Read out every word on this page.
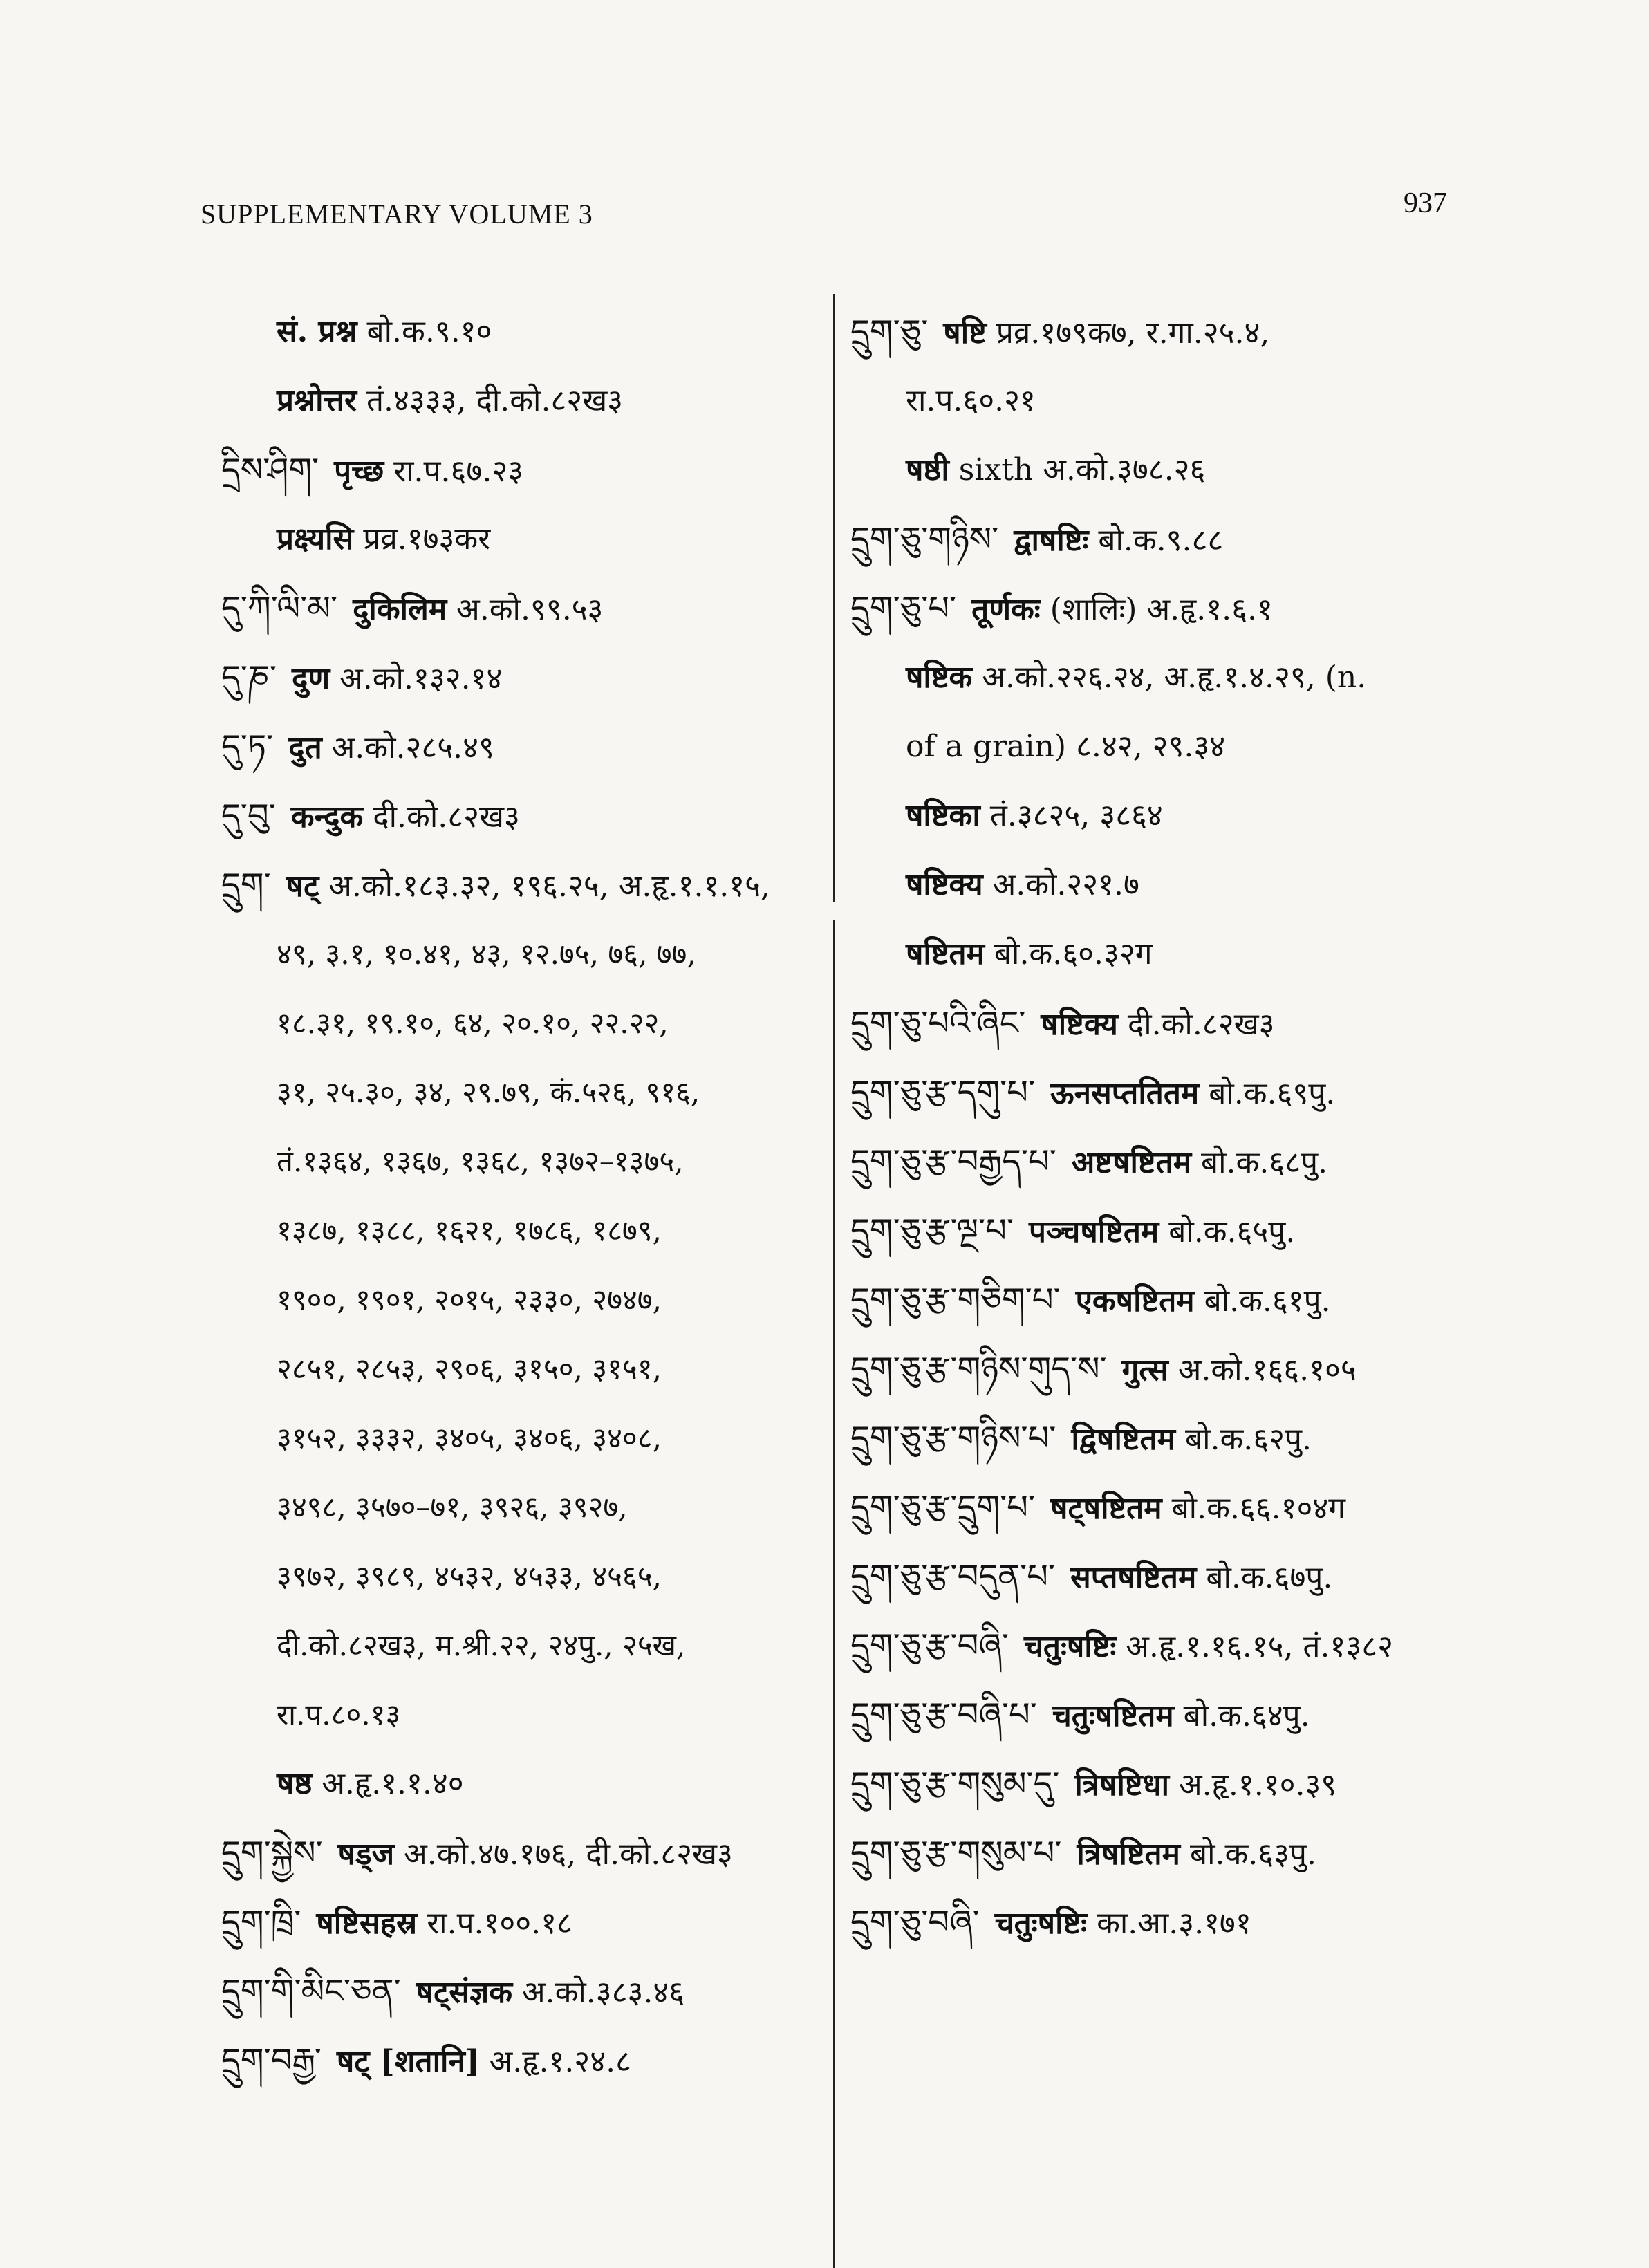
SUPPLEMENTARY VOLUME 3	937
सं. प्रश्न बो.क.९.१०
प्रश्नोत्तर तं.४३३३, दी.को.८२ख३
དྲིས་ཤིག་ पृच्छ रा.प.६७.२३
प्रक्ष्यसि प्रव्र.१७३कर
དུ་ཀི་ལི་མ་ दुकिलिम अ.को.९९.५३
དུ་ཎ་ दुण अ.को.१३२.१४
དུ་ཏ་ दुत अ.को.२८५.४९
དུ་བུ་ कन्दुक दी.को.८२ख३
དྲུག་ षट् अ.को.१८३.३२, १९६.२५, अ.हृ.१.१.१५,
४९, ३.१, १०.४१, ४३, १२.७५, ७६, ७७,
१८.३१, १९.१०, ६४, २०.१०, २२.२२,
३१, २५.३०, ३४, २९.७९, कं.५२६, ९१६,
तं.१३६४, १३६७, १३६८, १३७२–१३७५,
१३८७, १३८८, १६२१, १७८६, १८७९,
१९००, १९०१, २०१५, २३३०, २७४७,
२८५१, २८५३, २९०६, ३१५०, ३१५१,
३१५२, ३३३२, ३४०५, ३४०६, ३४०८,
३४९८, ३५७०–७१, ३९२६, ३९२७,
३९७२, ३९८९, ४५३२, ४५३३, ४५६५,
दी.को.८२ख३, म.श्री.२२, २४पु., २५ख,
रा.प.८०.१३
षष्ठ अ.हृ.१.१.४०
དྲུག་སྐྱེས་ षड्ज अ.को.४७.१७६, दी.को.८२ख३
དྲུག་ཁྲི་ षष्टिसहस्र रा.प.१००.१८
དྲུག་གི་མིང་ཅན་ षट्संज्ञक अ.को.३८३.४६
དྲུག་བརྒྱ་ षट् [शतानि] अ.हृ.१.२४.८
དྲུག་ཅུ་ षष्टि प्रव्र.१७९क७, र.गा.२५.४,
रा.प.६०.२१
षष्ठी sixth अ.को.३७८.२६
དྲུག་ཅུ་གཉིས་ द्वाषष्टिः बो.क.९.८८
དྲུག་ཅུ་པ་ तूर्णकः (शालिः) अ.हृ.१.६.१
षष्टिक अ.को.२२६.२४, अ.हृ.१.४.२९, (n.
of a grain) ८.४२, २९.३४
षष्टिका तं.३८२५, ३८६४
षष्टिक्य अ.को.२२१.७
षष्टितम बो.क.६०.३२ग
དྲུག་ཅུ་པའི་ཞིང་ षष्टिक्य दी.को.८२ख३
དྲུག་ཅུ་རྩ་དགུ་པ་ ऊनसप्ततितम बो.क.६९पु.
དྲུག་ཅུ་རྩ་བརྒྱད་པ་ अष्टषष्टितम बो.क.६८पु.
དྲུག་ཅུ་རྩ་ལྔ་པ་ पञ्चषष्टितम बो.क.६५पु.
དྲུག་ཅུ་རྩ་གཅིག་པ་ एकषष्टितम बो.क.६१पु.
དྲུག་ཅུ་རྩ་གཉིས་གུད་ས་ गुत्स अ.को.१६६.१०५
དྲུག་ཅུ་རྩ་གཉིས་པ་ द्विषष्टितम बो.क.६२पु.
དྲུག་ཅུ་རྩ་དྲུག་པ་ षट्षष्टितम बो.क.६६.१०४ग
དྲུག་ཅུ་རྩ་བདུན་པ་ सप्तषष्टितम बो.क.६७पु.
དྲུག་ཅུ་རྩ་བཞི་ चतुःषष्टिः अ.हृ.१.१६.१५, तं.१३८२
དྲུག་ཅུ་རྩ་བཞི་པ་ चतुःषष्टितम बो.क.६४पु.
དྲུག་ཅུ་རྩ་གསུམ་དུ་ त्रिषष्टिधा अ.हृ.१.१०.३९
དྲུག་ཅུ་རྩ་གསུམ་པ་ त्रिषष्टितम बो.क.६३पु.
དྲུག་ཅུ་བཞི་ चतुःषष्टिः का.आ.३.१७१
